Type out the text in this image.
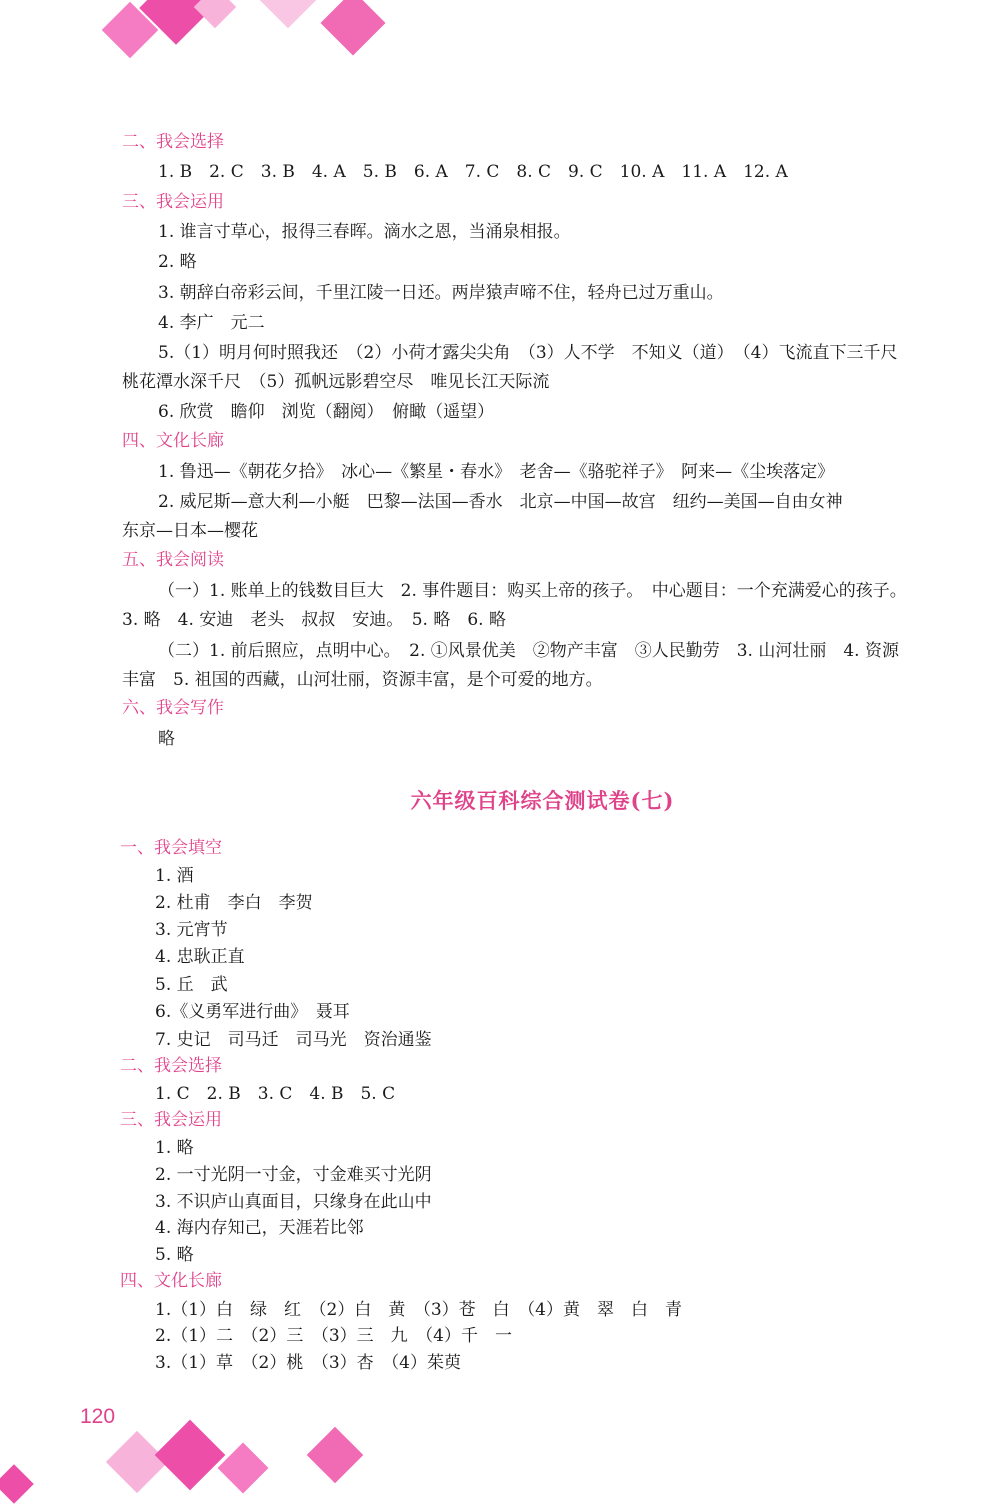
二、我会选择
1. B　2. C　3. B　4. A　5. B　6. A　7. C　8. C　9. C　10. A　11. A　12. A
三、我会运用
1. 谁言寸草心，报得三春晖。滴水之恩，当涌泉相报。
2. 略
3. 朝辞白帝彩云间，千里江陵一日还。两岸猿声啼不住，轻舟已过万重山。
4. 李广　元二
5.（1）明月何时照我还　（2）小荷才露尖尖角　（3）人不学　不知义（道）　（4）飞流直下三千尺
桃花潭水深千尺　（5）孤帆远影碧空尽　唯见长江天际流
6. 欣赏　瞻仰　浏览（翻阅）　俯瞰（遥望）
四、文化长廊
1. 鲁迅—《朝花夕拾》　冰心—《繁星・春水》　老舍—《骆驼祥子》　阿来—《尘埃落定》
2. 威尼斯—意大利—小艇　巴黎—法国—香水　北京—中国—故宫　纽约—美国—自由女神
东京—日本—樱花
五、我会阅读
（一）1. 账单上的钱数目巨大　2. 事件题目：购买上帝的孩子。　中心题目：一个充满爱心的孩子。
3. 略　4. 安迪　老头　叔叔　安迪。　5. 略　6. 略
（二）1. 前后照应，点明中心。　2. ①风景优美　②物产丰富　③人民勤劳　3. 山河壮丽　4. 资源
丰富　5. 祖国的西藏，山河壮丽，资源丰富，是个可爱的地方。
六、我会写作
略
六年级百科综合测试卷(七)
一、我会填空
1. 酒
2. 杜甫　李白　李贺
3. 元宵节
4. 忠耿正直
5. 丘　武
6.《义勇军进行曲》　聂耳
7. 史记　司马迁　司马光　资治通鉴
二、我会选择
1. C　2. B　3. C　4. B　5. C
三、我会运用
1. 略
2. 一寸光阴一寸金，寸金难买寸光阴
3. 不识庐山真面目，只缘身在此山中
4. 海内存知己，天涯若比邻
5. 略
四、文化长廊
1.（1）白　绿　红　（2）白　黄　（3）苍　白　（4）黄　翠　白　青
2.（1）二　（2）三　（3）三　九　（4）千　一
3.（1）草　（2）桃　（3）杏　（4）茱萸
120
